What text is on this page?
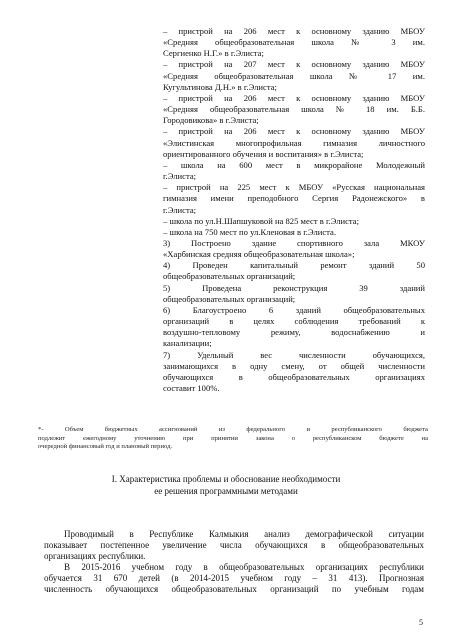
– пристрой на 206 мест к основному зданию МБОУ
«Средняя общеобразовательная школа № 3 им.
Сергиенко Н.Г.» в г.Элиста;
– пристрой на 207 мест к основному зданию МБОУ
«Средняя общеобразовательная школа № 17 им.
Кугультинова Д.Н.» в г.Элиста;
– пристрой на 206 мест к основному зданию МБОУ
«Средняя общеобразовательная школа № 18 им. Б.Б.
Городовикова» в г.Элиста;
– пристрой на 206 мест к основному зданию МБОУ
«Элистинская многопрофильная гимназия личностного
ориентированного обучения и воспитания» в г.Элиста;
– школа на 600 мест в микрорайоне Молодежный
г.Элиста;
– пристрой на 225 мест к МБОУ «Русская национальная
гимназия имени преподобного Сергия Радонежского» в
г.Элиста;
– школа по ул.Н.Шапшуковой на 825 мест в г.Элиста;
– школа на 750 мест по ул.Кленовая в г.Элиста.
3) Построено здание спортивного зала МКОУ
«Харбинская средняя общеобразовательная школа»;
4) Проведен капитальный ремонт зданий 50
общеобразовательных организаций;
5) Проведена реконструкция 39 зданий
общеобразовательных организаций;
6) Благоустроено 6 зданий общеобразовательных
организаций в целях соблюдения требований к
воздушно-тепловому режиму, водоснабжению и
канализации;
7) Удельный вес численности обучающихся,
занимающихся в одну смену, от общей численности
обучающихся в общеобразовательных организациях
составит 100%.
*- Объем бюджетных ассигнований из федерального и республиканского бюджета
подлежит ежегодному уточнению при принятии закона о республиканском бюджете на
очередной финансовый год и плановый период.
I. Характеристика проблемы и обоснование необходимости
ее решения программными методами
Проводимый в Республике Калмыкия анализ демографической ситуации
показывает постепенное увеличение числа обучающихся в общеобразовательных
организациях республики.
В 2015-2016 учебном году в общеобразовательных организациях республики
обучается 31 670 детей (в 2014-2015 учебном году – 31 413). Прогнозная
численность обучающихся общеобразовательных организаций по учебным годам
5
